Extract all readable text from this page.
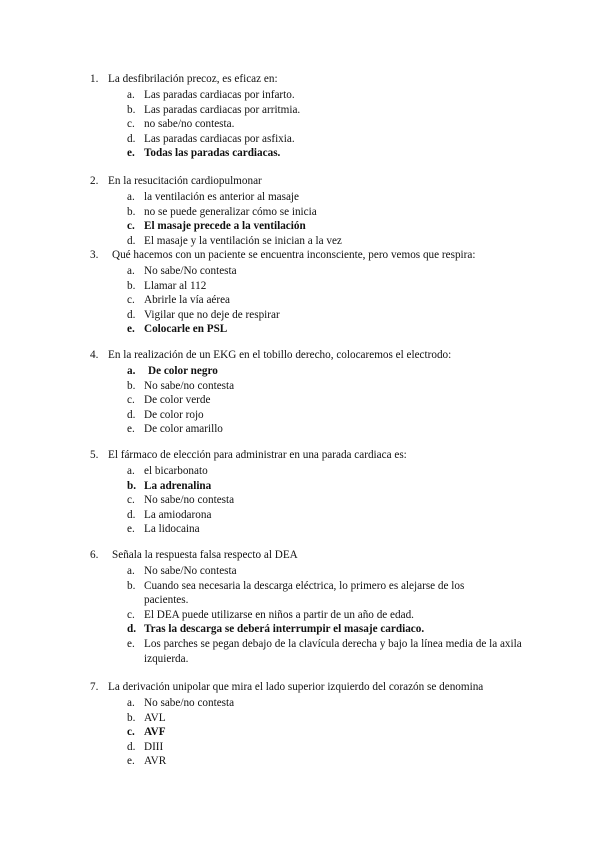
1. La desfibrilación precoz, es eficaz en:
a. Las paradas cardiacas por infarto.
b. Las paradas cardiacas por arritmia.
c. no sabe/no contesta.
d. Las paradas cardiacas por asfixia.
e. Todas las paradas cardiacas.
2. En la resucitación cardiopulmonar
a. la ventilación es anterior al masaje
b. no se puede generalizar cómo se inicia
c. El masaje precede a la ventilación
d. El masaje y la ventilación se inician a la vez
3. Qué hacemos con un paciente se encuentra inconsciente, pero vemos que respira:
a. No sabe/No contesta
b. Llamar al 112
c. Abrirle la vía aérea
d. Vigilar que no deje de respirar
e. Colocarle en PSL
4. En la realización de un EKG en el tobillo derecho, colocaremos el electrodo:
a. De color negro
b. No sabe/no contesta
c. De color verde
d. De color rojo
e. De color amarillo
5. El fármaco de elección para administrar en una parada cardiaca es:
a. el bicarbonato
b. La adrenalina
c. No sabe/no contesta
d. La amiodarona
e. La lidocaina
6. Señala la respuesta falsa respecto al DEA
a. No sabe/No contesta
b. Cuando sea necesaria la descarga eléctrica, lo primero es alejarse de los pacientes.
c. El DEA puede utilizarse en niños a partir de un año de edad.
d. Tras la descarga se deberá interrumpir el masaje cardiaco.
e. Los parches se pegan debajo de la clavícula derecha y bajo la línea media de la axila izquierda.
7. La derivación unipolar que mira el lado superior izquierdo del corazón se denomina
a. No sabe/no contesta
b. AVL
c. AVF
d. DIII
e. AVR
